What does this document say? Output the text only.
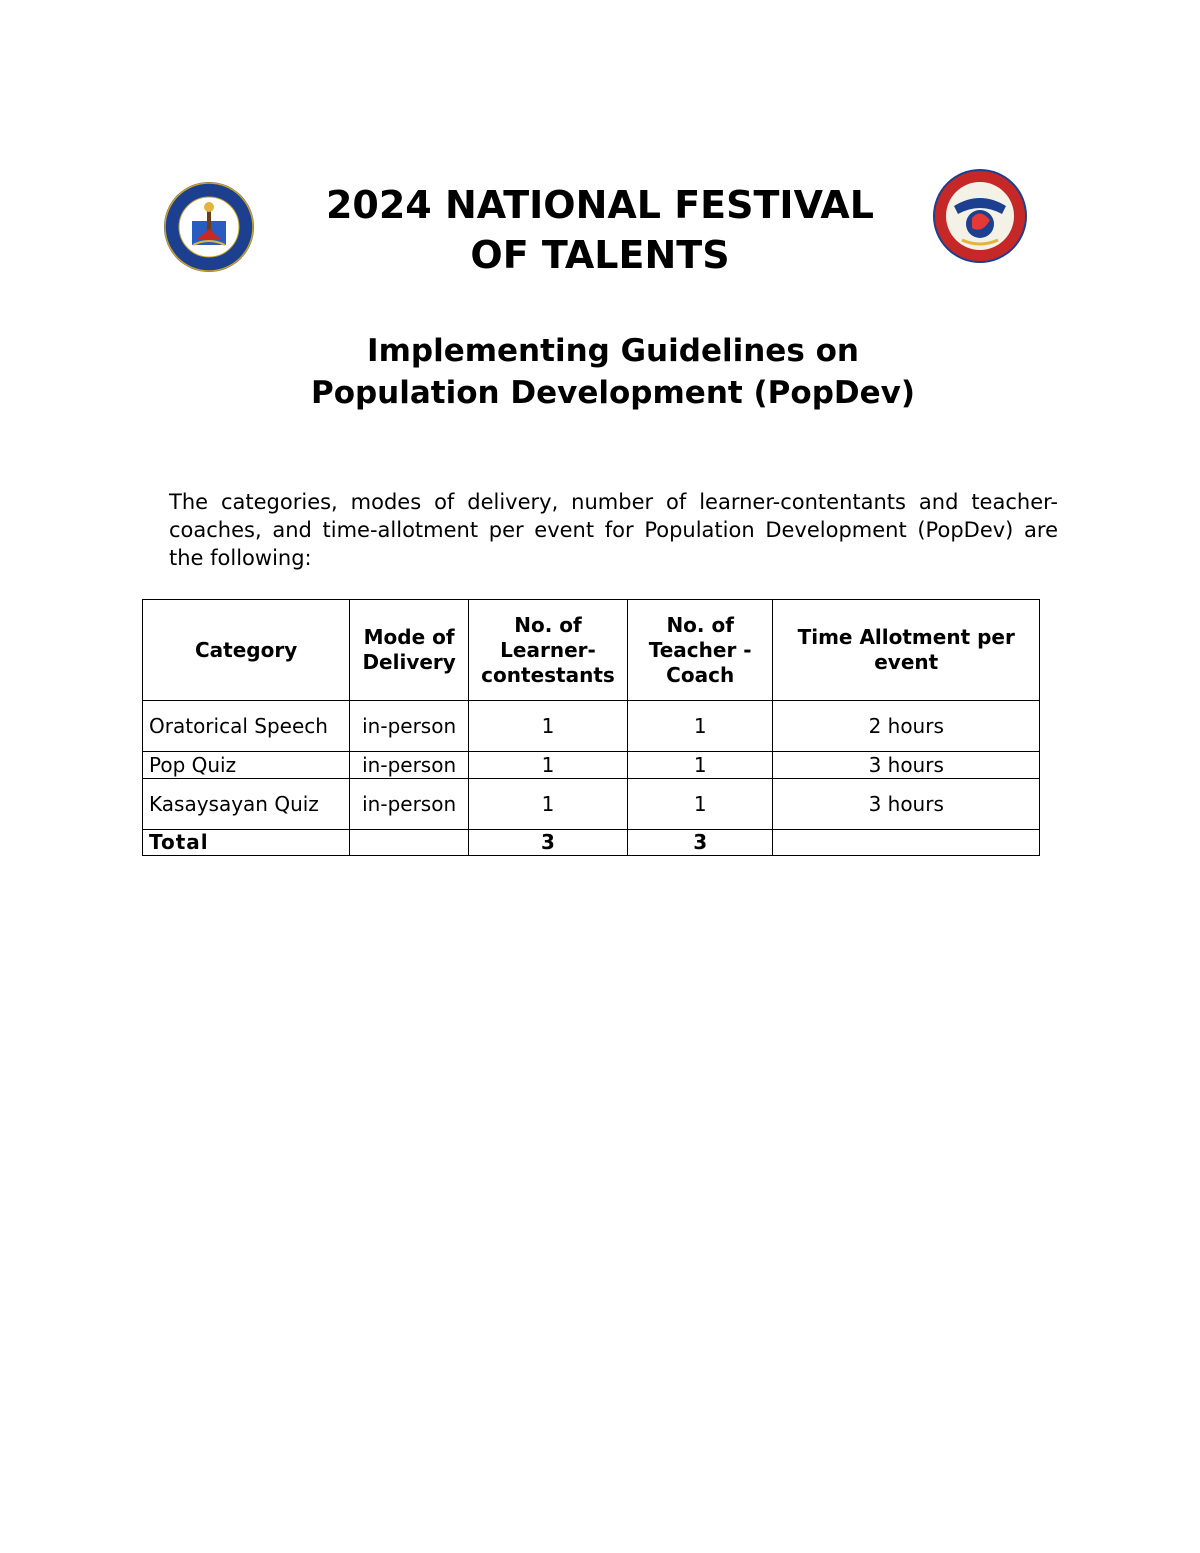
2024 NATIONAL FESTIVAL
OF TALENTS
Implementing Guidelines on
Population Development (PopDev)

The categories, modes of delivery, number of learner-contentants and teacher-coaches, and time-allotment per event for Population Development (PopDev) are the following:

Category	Mode of Delivery	No. of Learner-contestants	No. of Teacher -Coach	Time Allotment per event
Oratorical Speech	in-person	1	1	2 hours
Pop Quiz	in-person	1	1	3 hours
Kasaysayan Quiz	in-person	1	1	3 hours
Total		3	3	
